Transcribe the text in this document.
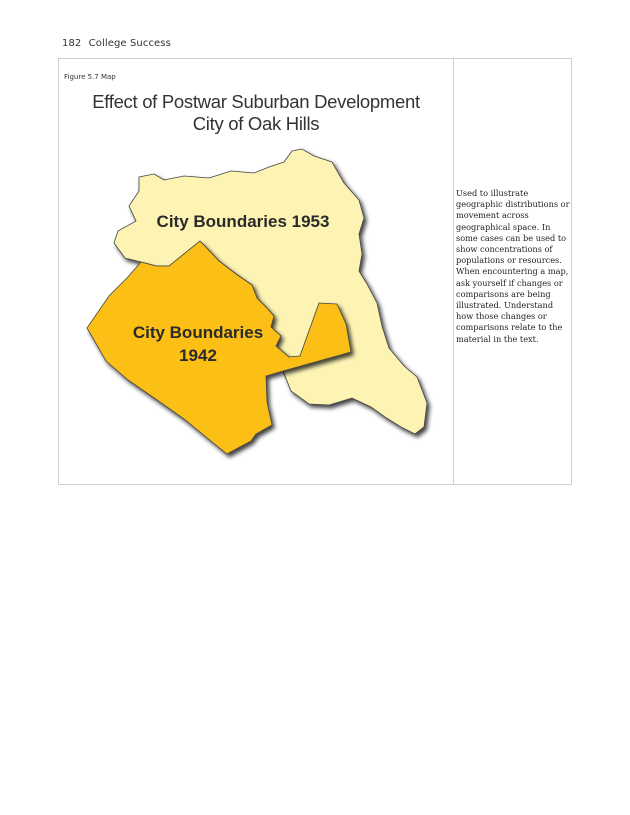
182 College Success
Figure 5.7 Map
Effect of Postwar Suburban Development
City of Oak Hills
City Boundaries 1953
City Boundaries
1942
Used to illustrate geographic distributions or movement across geographical space. In some cases can be used to show concentrations of populations or resources. When encountering a map, ask yourself if changes or comparisons are being illustrated. Understand how those changes or comparisons relate to the material in the text.
